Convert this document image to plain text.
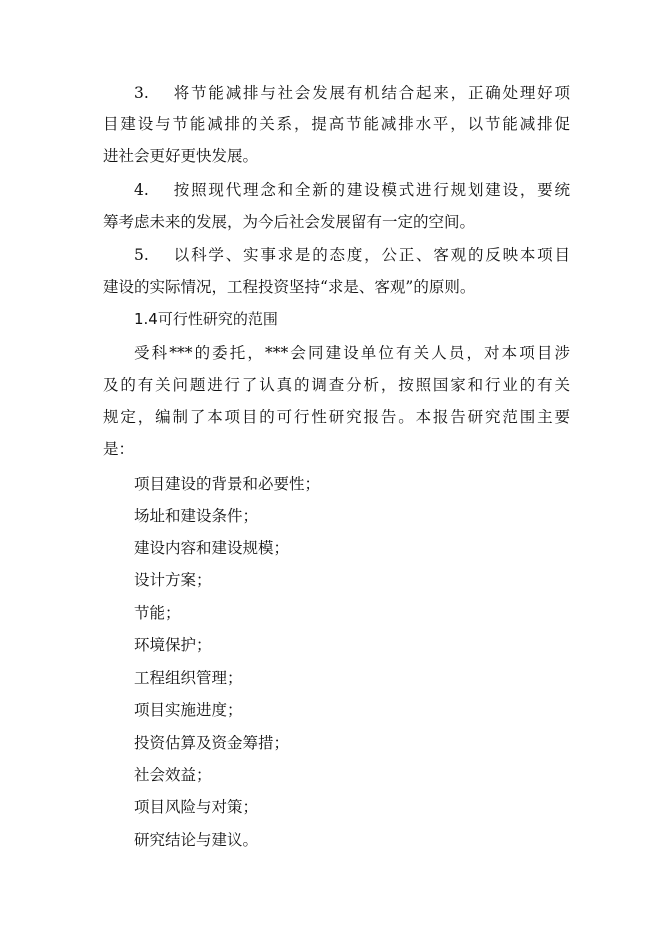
3. 将节能减排与社会发展有机结合起来，正确处理好项
目建设与节能减排的关系，提高节能减排水平，以节能减排促
进社会更好更快发展。
4. 按照现代理念和全新的建设模式进行规划建设，要统
筹考虑未来的发展，为今后社会发展留有一定的空间。
5. 以科学、实事求是的态度，公正、客观的反映本项目
建设的实际情况，工程投资坚持“求是、客观”的原则。
1.4可行性研究的范围
受科***的委托，***会同建设单位有关人员，对本项目涉
及的有关问题进行了认真的调查分析，按照国家和行业的有关
规定，编制了本项目的可行性研究报告。本报告研究范围主要
是：
项目建设的背景和必要性；
场址和建设条件；
建设内容和建设规模；
设计方案；
节能；
环境保护；
工程组织管理；
项目实施进度；
投资估算及资金筹措；
社会效益；
项目风险与对策；
研究结论与建议。
